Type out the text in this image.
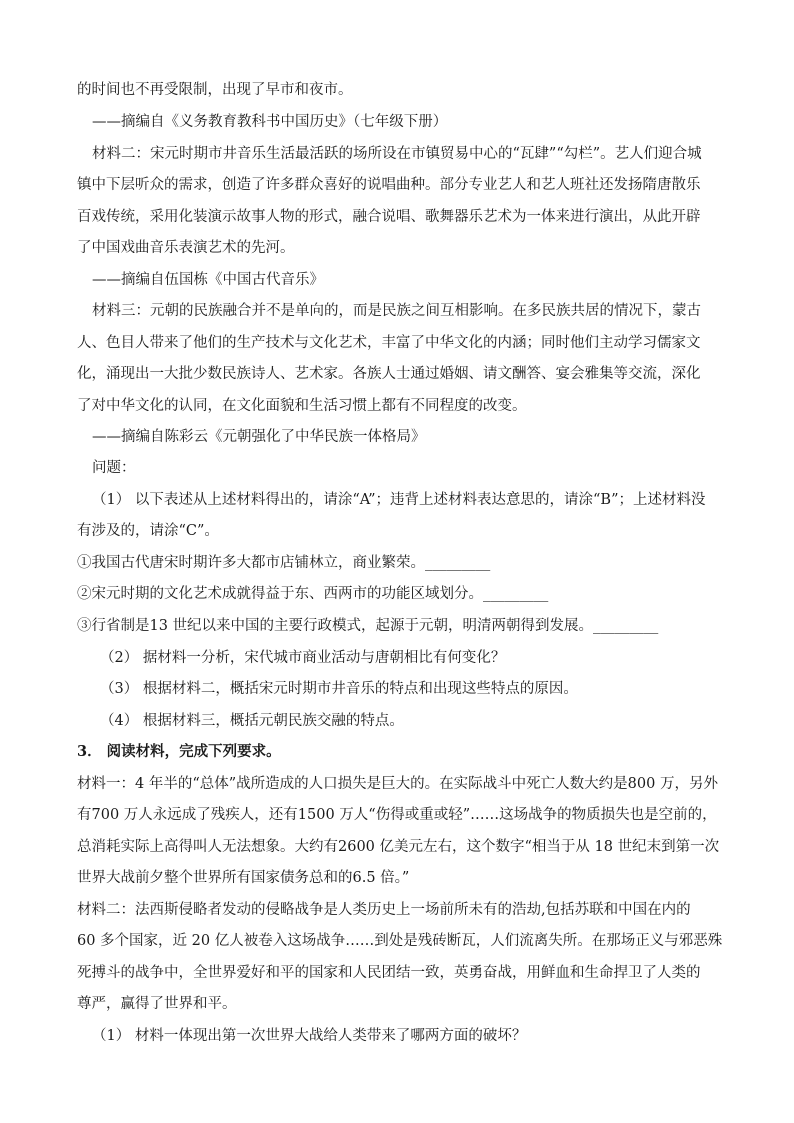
的时间也不再受限制，出现了早市和夜市。
——摘编自《义务教育教科书中国历史》（七年级下册）
材料二：宋元时期市井音乐生活最活跃的场所设在市镇贸易中心的“瓦肆”“勾栏”。艺人们迎合城
镇中下层听众的需求，创造了许多群众喜好的说唱曲种。部分专业艺人和艺人班社还发扬隋唐散乐
百戏传统，采用化装演示故事人物的形式，融合说唱、歌舞器乐艺术为一体来进行演出，从此开辟
了中国戏曲音乐表演艺术的先河。
——摘编自伍国栋《中国古代音乐》
材料三：元朝的民族融合并不是单向的，而是民族之间互相影响。在多民族共居的情况下，蒙古
人、色目人带来了他们的生产技术与文化艺术，丰富了中华文化的内涵；同时他们主动学习儒家文
化，涌现出一大批少数民族诗人、艺术家。各族人士通过婚姻、请文酬答、宴会雅集等交流，深化
了对中华文化的认同，在文化面貌和生活习惯上都有不同程度的改变。
——摘编自陈彩云《元朝强化了中华民族一体格局》
问题：
（1） 以下表述从上述材料得出的，请涂“A”；违背上述材料表达意思的，请涂“B”；上述材料没
有涉及的，请涂“C”。
①我国古代唐宋时期许多大都市店铺林立，商业繁荣。_________
②宋元时期的文化艺术成就得益于东、西两市的功能区域划分。_________
③行省制是13 世纪以来中国的主要行政模式，起源于元朝，明清两朝得到发展。_________
（2） 据材料一分析，宋代城市商业活动与唐朝相比有何变化？
（3） 根据材料二，概括宋元时期市井音乐的特点和出现这些特点的原因。
（4） 根据材料三，概括元朝民族交融的特点。
3． 阅读材料，完成下列要求。
材料一：4 年半的“总体”战所造成的人口损失是巨大的。在实际战斗中死亡人数大约是800 万，另外
有700 万人永远成了残疾人，还有1500 万人“伤得或重或轻”……这场战争的物质损失也是空前的，
总消耗实际上高得叫人无法想象。大约有2600 亿美元左右，这个数字“相当于从 18 世纪末到第一次
世界大战前夕整个世界所有国家债务总和的6.5 倍。”
材料二：法西斯侵略者发动的侵略战争是人类历史上一场前所未有的浩劫,包括苏联和中国在内的
60 多个国家，近 20 亿人被卷入这场战争……到处是残砖断瓦，人们流离失所。在那场正义与邪恶殊
死搏斗的战争中，全世界爱好和平的国家和人民团结一致，英勇奋战，用鲜血和生命捍卫了人类的
尊严，赢得了世界和平。
（1） 材料一体现出第一次世界大战给人类带来了哪两方面的破坏？
